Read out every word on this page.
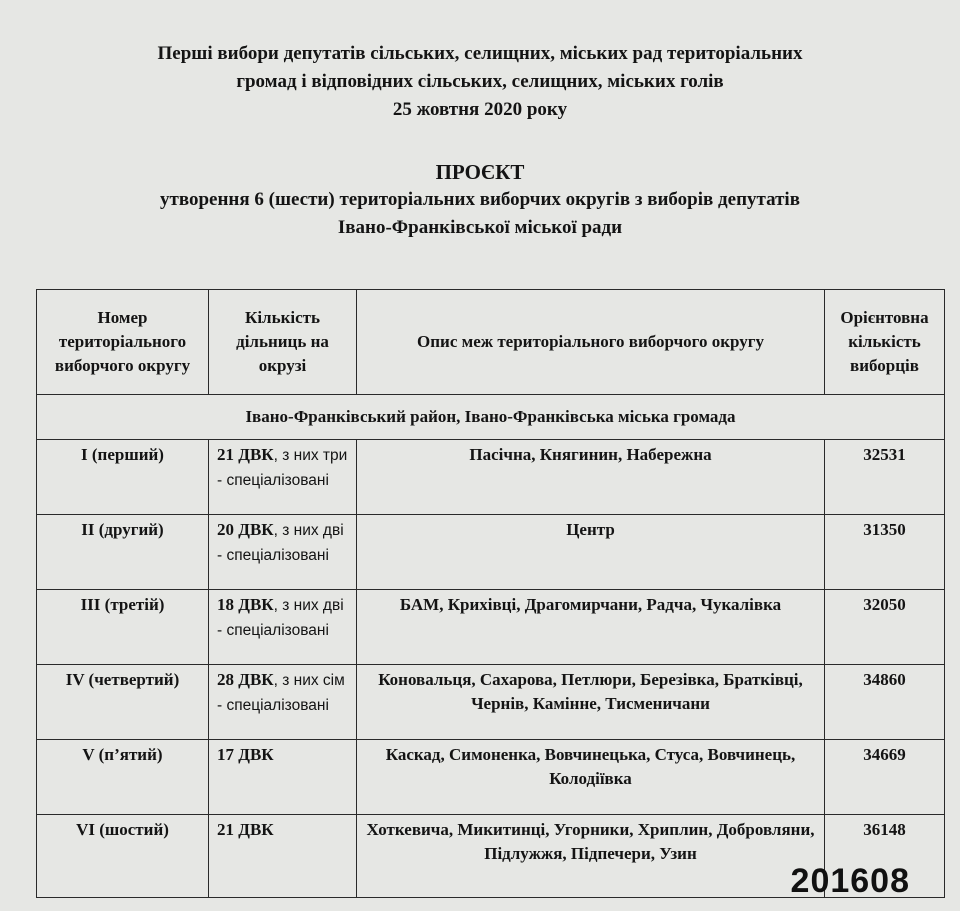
Перші вибори депутатів сільських, селищних, міських рад територіальних
громад і відповідних сільських, селищних, міських голів
25 жовтня 2020 року
ПРОЄКТ
утворення 6 (шести) територіальних виборчих округів з виборів депутатів
Івано-Франківської міської ради
Номер територіального виборчого округу	Кількість дільниць на окрузі	Опис меж територіального виборчого округу	Орієнтовна кількість виборців
Івано-Франківський район, Івано-Франківська міська громада			
I (перший)	21 ДВК, з них три - спеціалізовані	Пасічна, Княгинин, Набережна	32531
II (другий)	20 ДВК, з них дві - спеціалізовані	Центр	31350
III (третій)	18 ДВК, з них дві - спеціалізовані	БАМ, Крихівці, Драгомирчани, Радча, Чукалівка	32050
IV (четвертий)	28 ДВК, з них сім - спеціалізовані	Коновальця, Сахарова, Петлюри, Березівка, Братківці, Чернів, Камінне, Тисменичани	34860
V (п’ятий)	17 ДВК	Каскад, Симоненка, Вовчинецька, Стуса, Вовчинець, Колодіївка	34669
VI (шостий)	21 ДВК	Хоткевича, Микитинці, Угорники, Хриплин, Добровляни, Підлужжя, Підпечери, Узин	36148
201608
